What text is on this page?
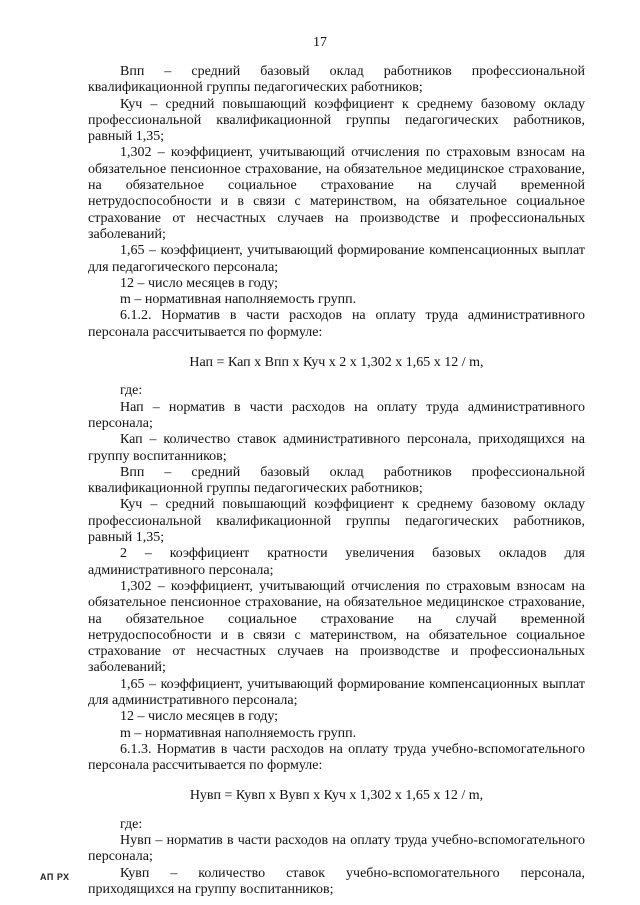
17

Впп – средний базовый оклад работников профессиональной квалификационной группы педагогических работников;

Куч – средний повышающий коэффициент к среднему базовому окладу профессиональной квалификационной группы педагогических работников, равный 1,35;

1,302 – коэффициент, учитывающий отчисления по страховым взносам на обязательное пенсионное страхование, на обязательное медицинское страхование, на обязательное социальное страхование на случай временной нетрудоспособности и в связи с материнством, на обязательное социальное страхование от несчастных случаев на производстве и профессиональных заболеваний;

1,65 – коэффициент, учитывающий формирование компенсационных выплат для педагогического персонала;

12 – число месяцев в году;

m – нормативная наполняемость групп.

6.1.2. Норматив в части расходов на оплату труда административного персонала рассчитывается по формуле:

Нап = Кап x Впп x Куч x 2 x 1,302 x 1,65 x 12 / m,

где:

Нап – норматив в части расходов на оплату труда административного персонала;

Кап – количество ставок административного персонала, приходящихся на группу воспитанников;

Впп – средний базовый оклад работников профессиональной квалификационной группы педагогических работников;

Куч – средний повышающий коэффициент к среднему базовому окладу профессиональной квалификационной группы педагогических работников, равный 1,35;

2 – коэффициент кратности увеличения базовых окладов для административного персонала;

1,302 – коэффициент, учитывающий отчисления по страховым взносам на обязательное пенсионное страхование, на обязательное медицинское страхование, на обязательное социальное страхование на случай временной нетрудоспособности и в связи с материнством, на обязательное социальное страхование от несчастных случаев на производстве и профессиональных заболеваний;

1,65 – коэффициент, учитывающий формирование компенсационных выплат для административного персонала;

12 – число месяцев в году;

m – нормативная наполняемость групп.

6.1.3. Норматив в части расходов на оплату труда учебно-вспомогательного персонала рассчитывается по формуле:

Нувп = Кувп x Вувп x Куч x 1,302 x 1,65 x 12 / m,

где:

Нувп – норматив в части расходов на оплату труда учебно-вспомогательного персонала;

Кувп – количество ставок учебно-вспомогательного персонала, приходящихся на группу воспитанников;

АП РХ
